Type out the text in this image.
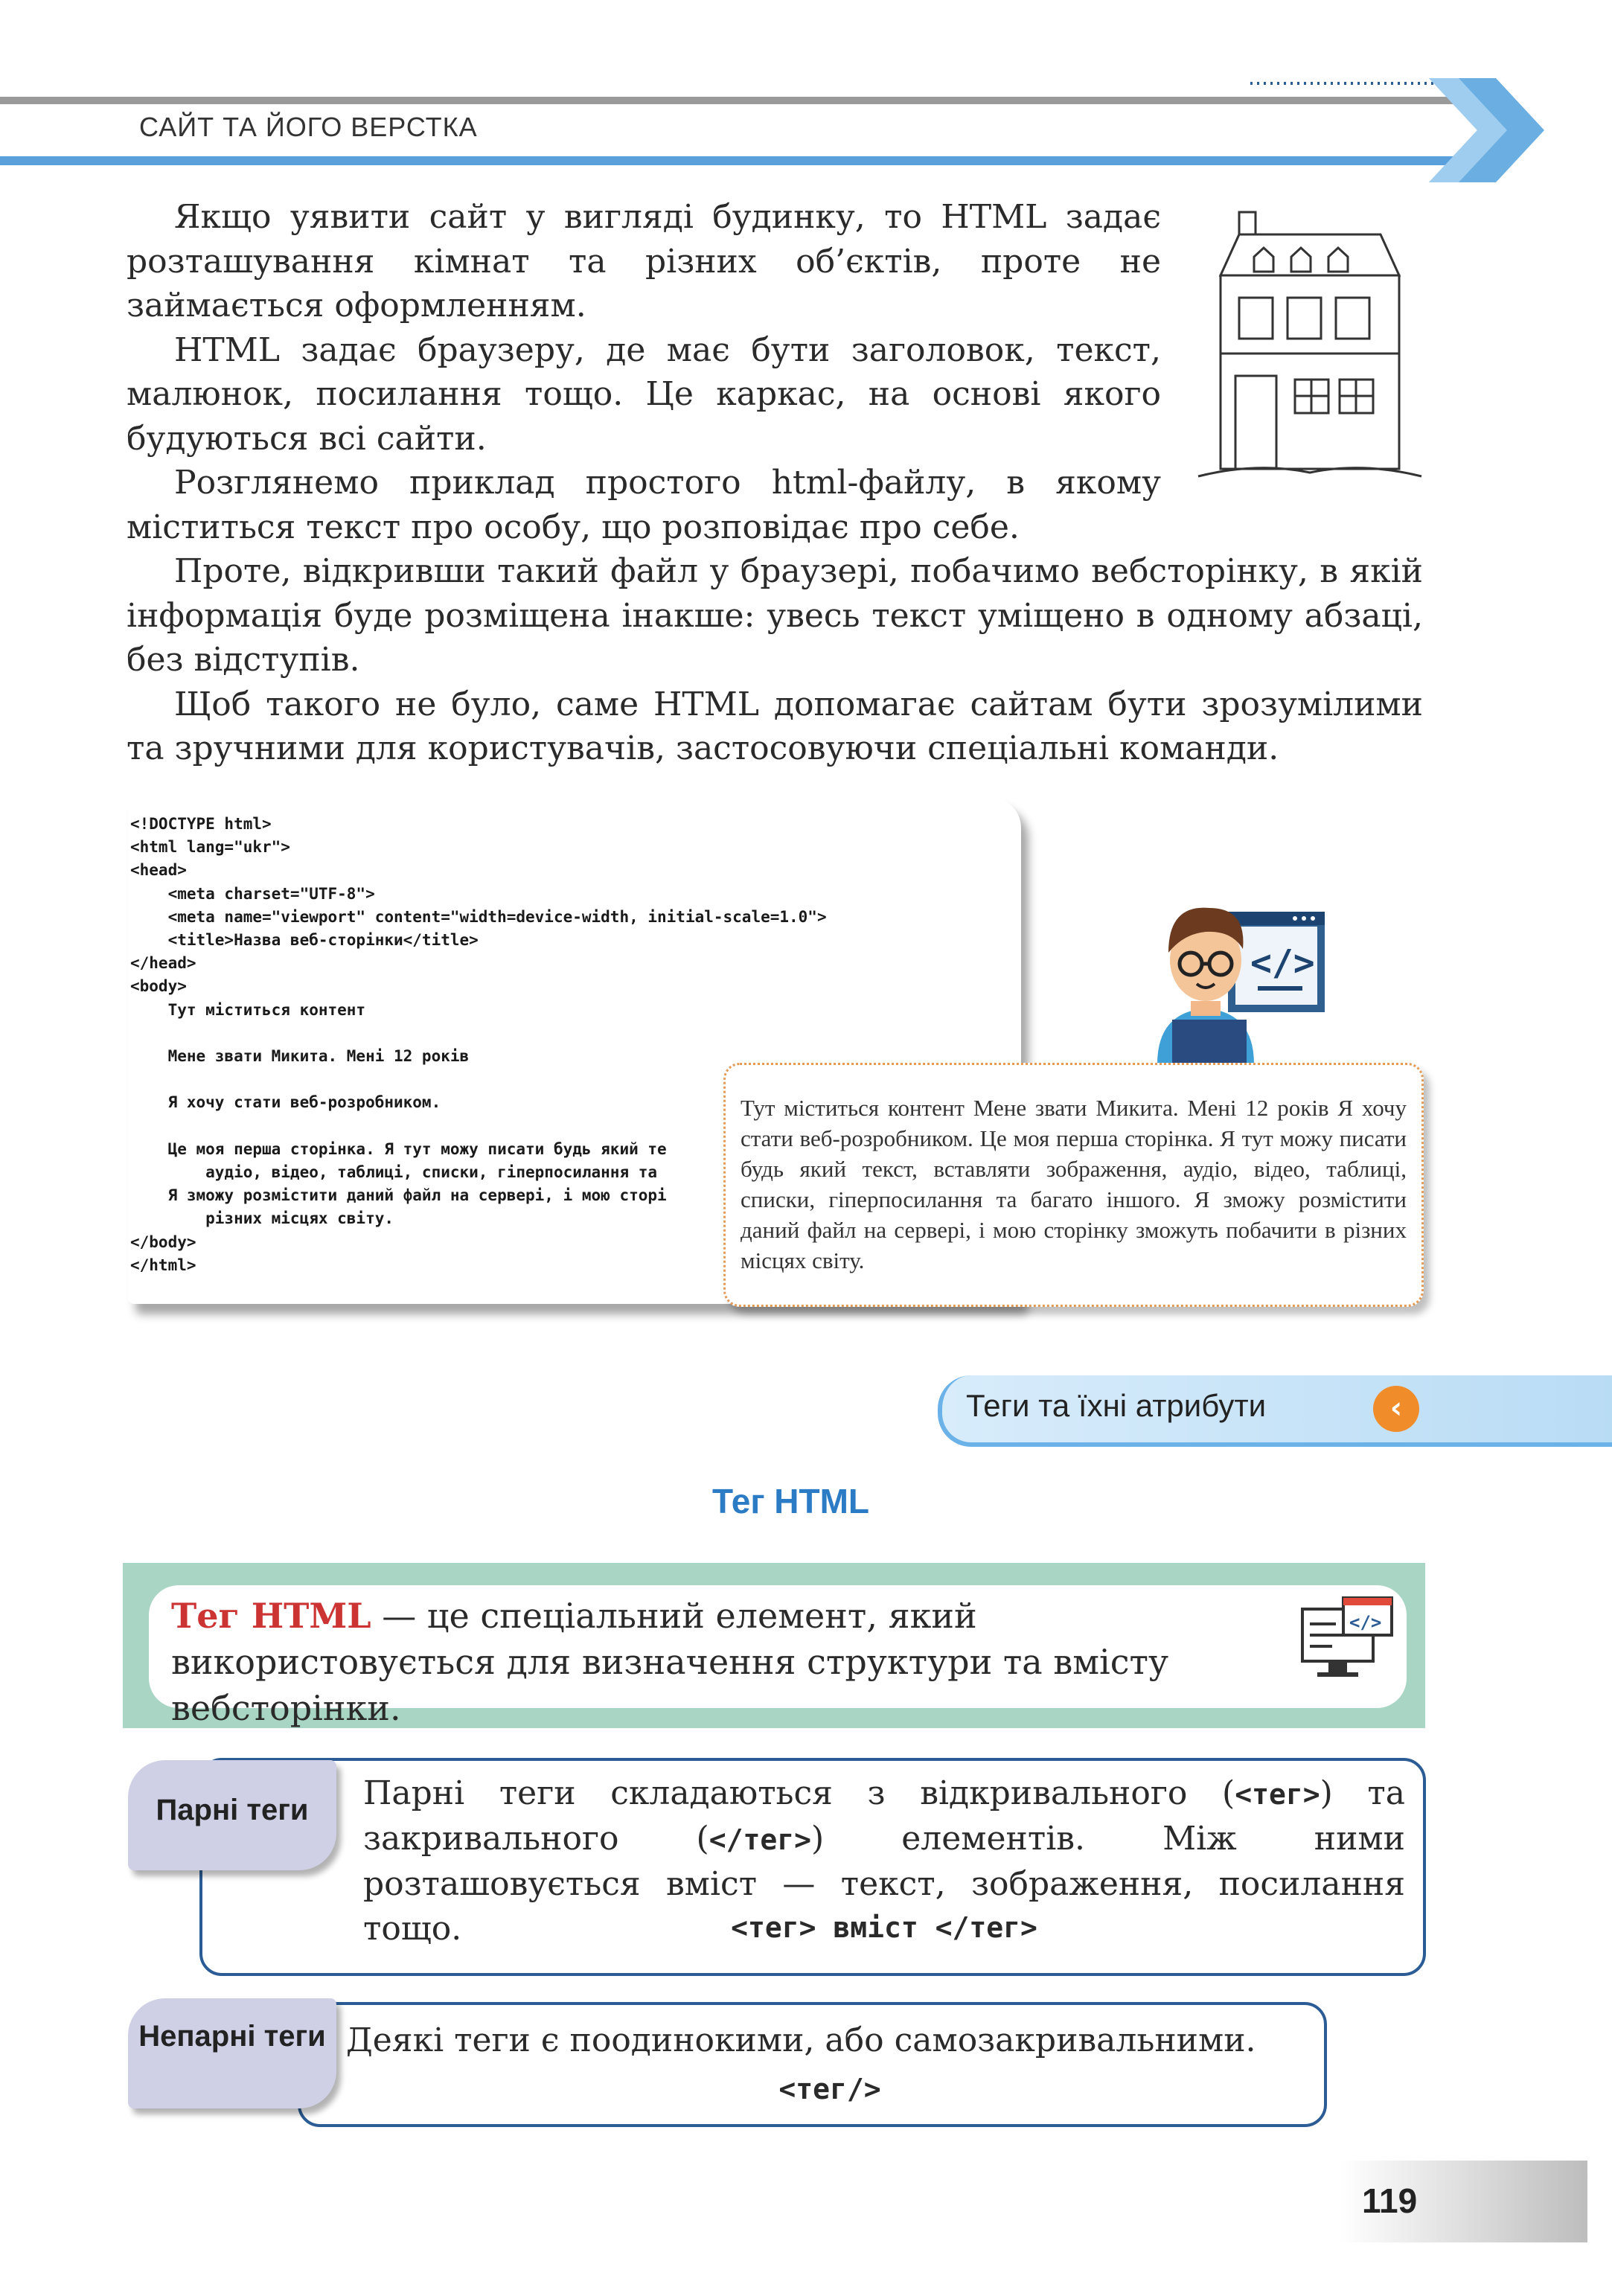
САЙТ ТА ЙОГО ВЕРСТКА

Якщо уявити сайт у вигляді будинку, то HTML задає розташування кімнат та різних об’єктів, проте не займається оформленням.

HTML задає браузеру, де має бути заголовок, текст, малюнок, посилання тощо. Це каркас, на основі якого будуються всі сайти.

Розглянемо приклад простого html-файлу, в якому міститься текст про особу, що розповідає про себе.

Проте, відкривши такий файл у браузері, побачимо вебсторінку, в якій інформація буде розміщена інакше: увесь текст уміщено в одному абзаці, без відступів.

Щоб такого не було, саме HTML допомагає сайтам бути зрозумілими та зручними для користувачів, застосовуючи спеціальні команди.

<!DOCTYPE html>
<html lang="ukr">
<head>
<meta charset="UTF-8">
<meta name="viewport" content="width=device-width,
<title>Назва веб-сторінки</title>
</head>
<body>
Тут міститься контент

Мене звати Микита. Мені 12 років

Я хочу стати веб-розробником.

Це моя перша сторінка. Я тут можу писати будь який те
аудіо, відео, таблиці, списки, гіперпосилання та
Я зможу розмістити даний файл на сервері, і мою сторі
різних місцях світу.
</body>
</html>
</>
Тут міститься контент Мене звати Микита. Мені 12 років Я хочу стати веб-розробником. Це моя перша сторінка. Я тут можу писати будь який текст, вставляти зображення, аудіо, відео, таблиці, списки, гіперпосилання та багато іншого. Я зможу розмістити даний файл на сервері, і мою сторінку зможуть побачити в різних місцях світу.
Теги та їхні атрибути	‹
Тег HTML
Тег HTML — це спеціальний елемент, який використовується для визначення структури та вмісту вебсторінки.
</>
Парні теги	Парні теги складаються з відкривального (<тег>) та закривального (</тег>) елементів. Між ними розташовується вміст — текст, зображення, посилання тощо.	<тег> вміст </тег>
Непарні теги Деякі теги є поодинокими, або самозакривальними.
<тег/>
119
